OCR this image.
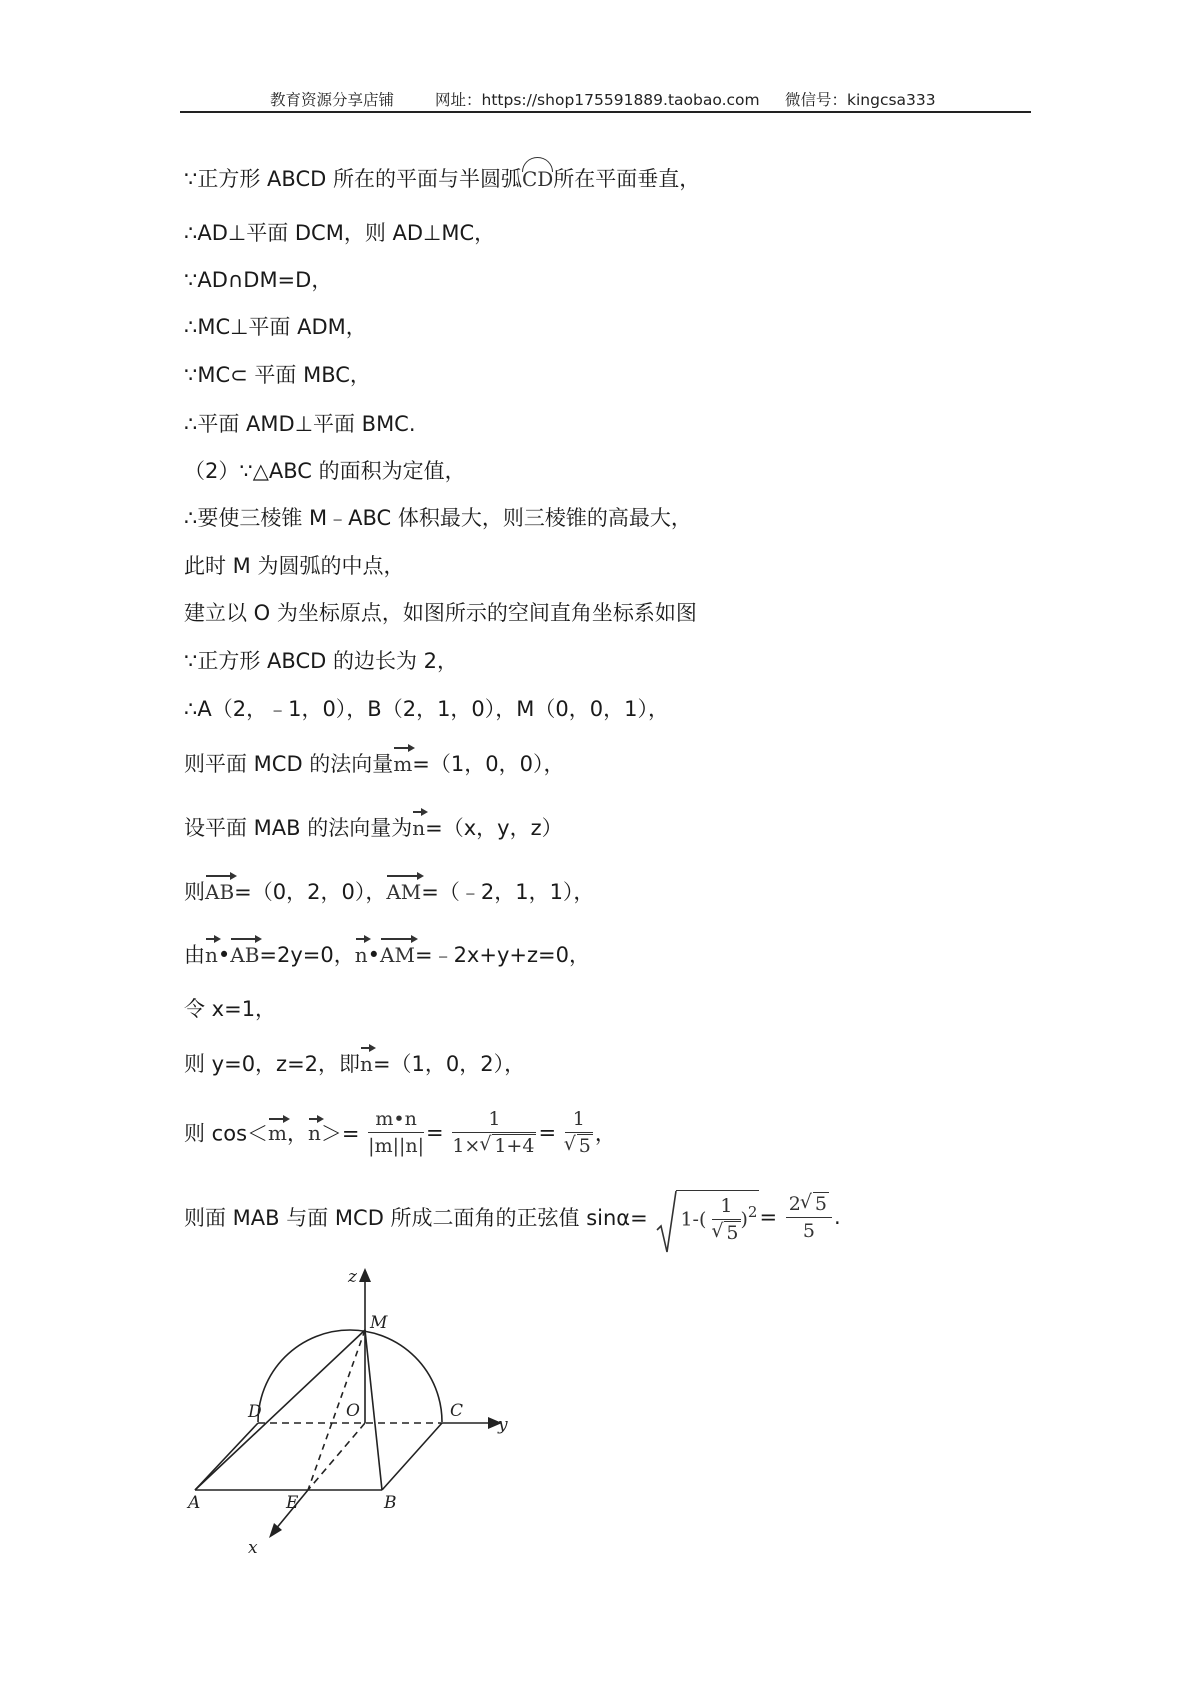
教育资源分享店铺	网址：https://shop175591889.taobao.com 微信号：kingcsa333
∵正方形 ABCD 所在的平面与半圆弧CD所在平面垂直，
∴AD⊥平面 DCM，则 AD⊥MC，
∵AD∩DM=D，
∴MC⊥平面 ADM，
∵MC⊂ 平面 MBC，
∴平面 AMD⊥平面 BMC.
（2）∵△ABC 的面积为定值，
∴要使三棱锥 M﹣ABC 体积最大，则三棱锥的高最大，
此时 M 为圆弧的中点，
建立以 O 为坐标原点，如图所示的空间直角坐标系如图
∵正方形 ABCD 的边长为 2，
∴A（2，﹣1，0），B（2，1，0），M（0，0，1），
则平面 MCD 的法向量m=（1，0，0），
设平面 MAB 的法向量为n=（x，y，z）
则AB=（0，2，0），AM=（﹣2，1，1），
由n•AB=2y=0，n•AM=﹣2x+y+z=0，
令 x=1，
则 y=0，z=2，即n=（1，0，2），
则 cos＜m，$n>= \frac{m•n}{|m||n|} = \frac{1}{1\times √ 1+4} = 1$
√ 5 ，
则面 MAB 与面 MCD 所成二面角的正弦值 sinα= 1-( 1
√ 5 )$^2= \frac{2 √ 5}{5}$ .
z
M
D	O	C
y
A	E	B
x
